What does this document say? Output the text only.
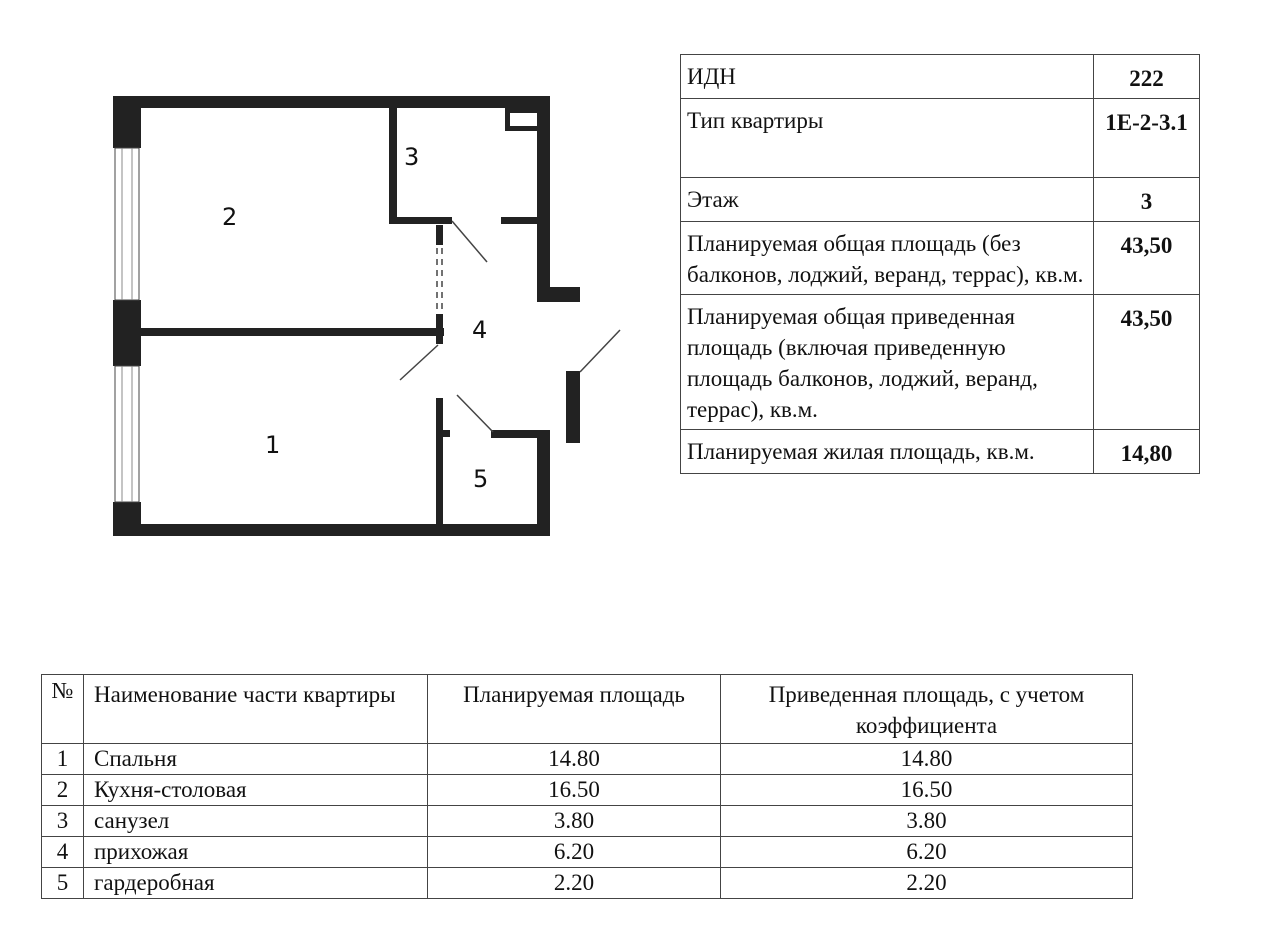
1
2
3
4
5
ИДН	222
Тип квартиры	1Е-2-3.1
Этаж	3
Планируемая общая площадь (без балконов, лоджий, веранд, террас), кв.м.	43,50
Планируемая общая приведенная площадь (включая приведенную площадь балконов, лоджий, веранд, террас), кв.м.	43,50
Планируемая жилая площадь, кв.м.	14,80
№	Наименование части квартиры	Планируемая площадь	Приведенная площадь, с учетом коэффициента
1	Спальня	14.80	14.80
2	Кухня-столовая	16.50	16.50
3	санузел	3.80	3.80
4	прихожая	6.20	6.20
5	гардеробная	2.20	2.20
